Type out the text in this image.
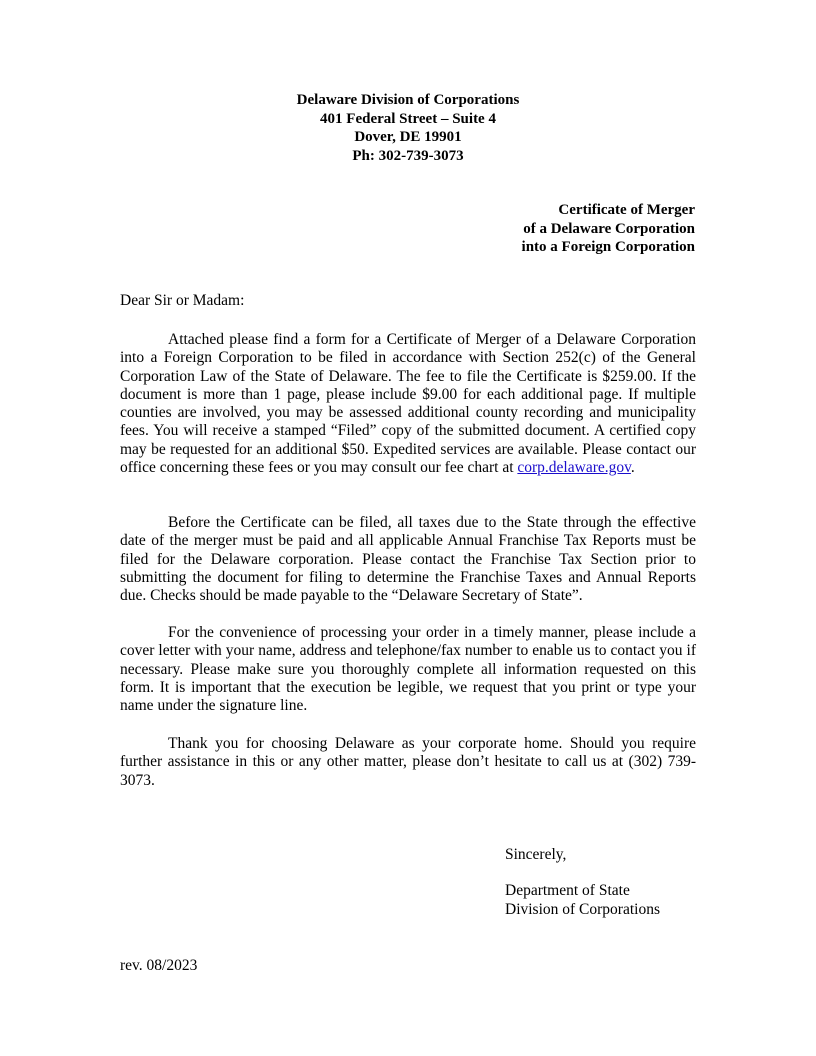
Delaware Division of Corporations
401 Federal Street – Suite 4
Dover, DE 19901
Ph: 302-739-3073
Certificate of Merger
of a Delaware Corporation
into a Foreign Corporation
Dear Sir or Madam:

Attached please find a form for a Certificate of Merger of a Delaware Corporation into a Foreign Corporation to be filed in accordance with Section 252(c) of the General Corporation Law of the State of Delaware. The fee to file the Certificate is $259.00. If the document is more than 1 page, please include $9.00 for each additional page. If multiple counties are involved, you may be assessed additional county recording and municipality fees. You will receive a stamped “Filed” copy of the submitted document. A certified copy may be requested for an additional $50. Expedited services are available. Please contact our office concerning these fees or you may consult our fee chart at corp.delaware.gov.

Before the Certificate can be filed, all taxes due to the State through the effective date of the merger must be paid and all applicable Annual Franchise Tax Reports must be filed for the Delaware corporation. Please contact the Franchise Tax Section prior to submitting the document for filing to determine the Franchise Taxes and Annual Reports due. Checks should be made payable to the “Delaware Secretary of State”.

For the convenience of processing your order in a timely manner, please include a cover letter with your name, address and telephone/fax number to enable us to contact you if necessary. Please make sure you thoroughly complete all information requested on this form. It is important that the execution be legible, we request that you print or type your name under the signature line.

Thank you for choosing Delaware as your corporate home. Should you require further assistance in this or any other matter, please don’t hesitate to call us at (302) 739-3073.

Sincerely,
Department of State
Division of Corporations
rev. 08/2023
